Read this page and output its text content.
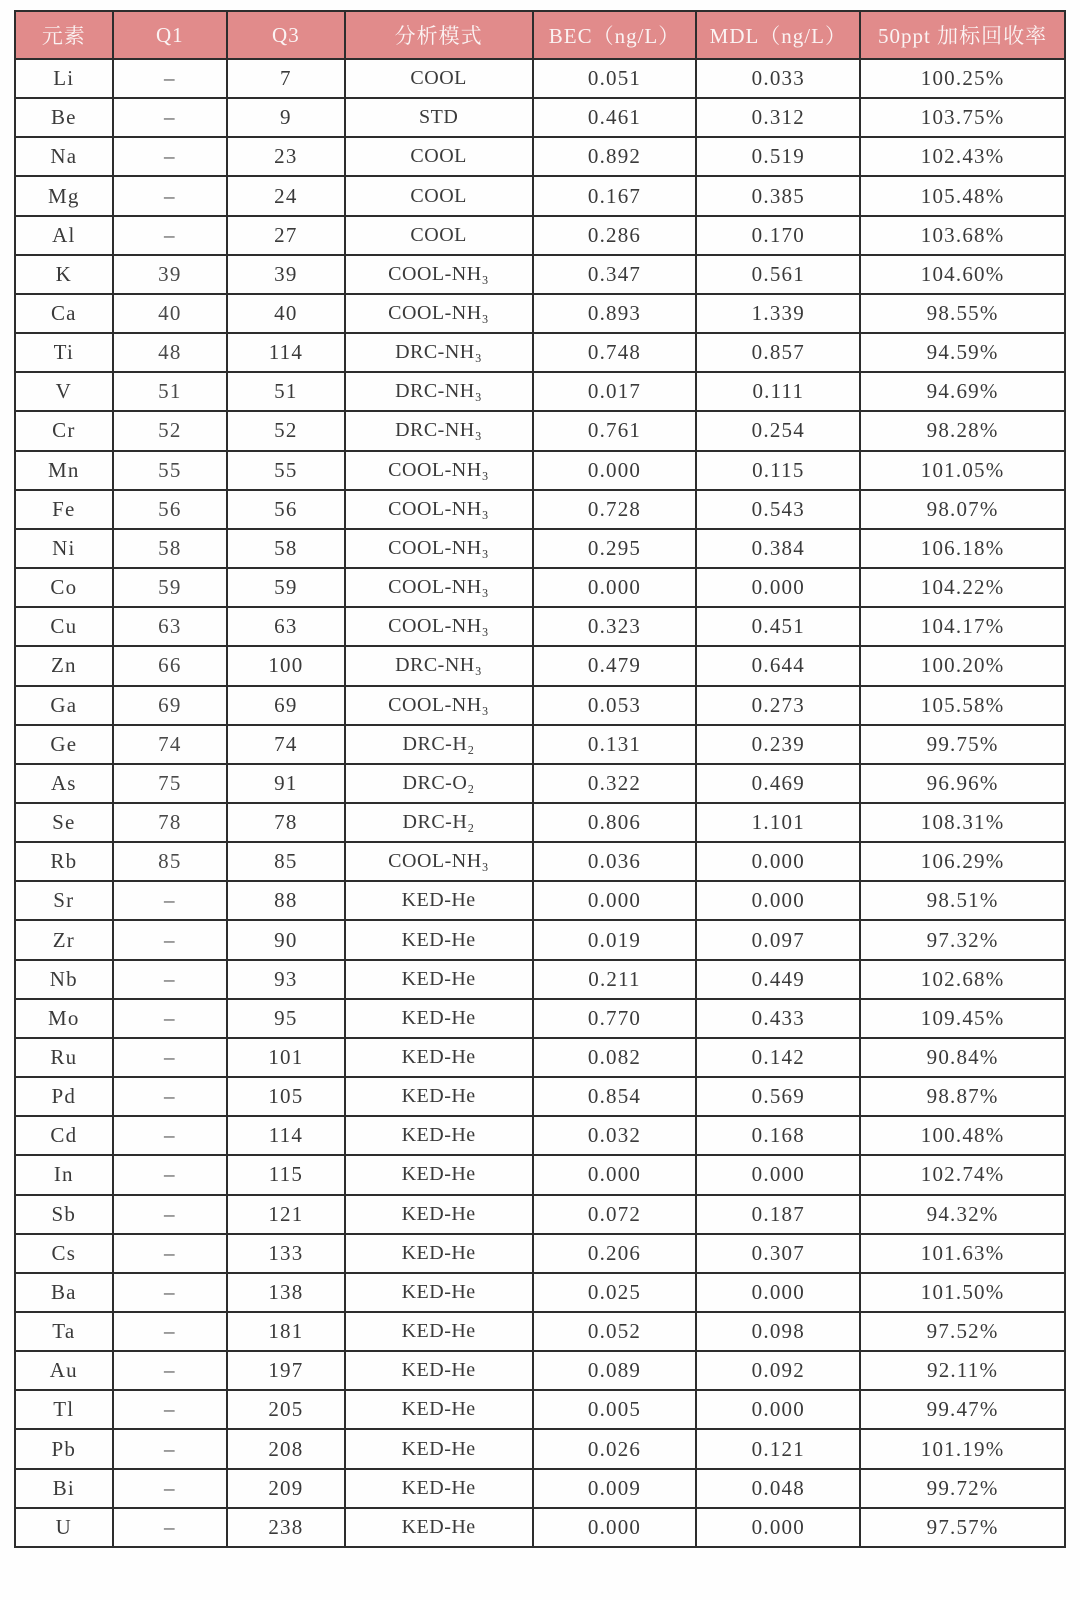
元素	Q1	Q3	分析模式	BEC（ng/L）	MDL（ng/L）	50ppt 加标回收率
Li	–	7	COOL	0.051	0.033	100.25%
Be	–	9	STD	0.461	0.312	103.75%
Na	–	23	COOL	0.892	0.519	102.43%
Mg	–	24	COOL	0.167	0.385	105.48%
Al	–	27	COOL	0.286	0.170	103.68%
K	39	39	COOL-NH₃	0.347	0.561	104.60%
Ca	40	40	COOL-NH₃	0.893	1.339	98.55%
Ti	48	114	DRC-NH₃	0.748	0.857	94.59%
V	51	51	DRC-NH₃	0.017	0.111	94.69%
Cr	52	52	DRC-NH₃	0.761	0.254	98.28%
Mn	55	55	COOL-NH₃	0.000	0.115	101.05%
Fe	56	56	COOL-NH₃	0.728	0.543	98.07%
Ni	58	58	COOL-NH₃	0.295	0.384	106.18%
Co	59	59	COOL-NH₃	0.000	0.000	104.22%
Cu	63	63	COOL-NH₃	0.323	0.451	104.17%
Zn	66	100	DRC-NH₃	0.479	0.644	100.20%
Ga	69	69	COOL-NH₃	0.053	0.273	105.58%
Ge	74	74	DRC-H₂	0.131	0.239	99.75%
As	75	91	DRC-O₂	0.322	0.469	96.96%
Se	78	78	DRC-H₂	0.806	1.101	108.31%
Rb	85	85	COOL-NH₃	0.036	0.000	106.29%
Sr	–	88	KED-He	0.000	0.000	98.51%
Zr	–	90	KED-He	0.019	0.097	97.32%
Nb	–	93	KED-He	0.211	0.449	102.68%
Mo	–	95	KED-He	0.770	0.433	109.45%
Ru	–	101	KED-He	0.082	0.142	90.84%
Pd	–	105	KED-He	0.854	0.569	98.87%
Cd	–	114	KED-He	0.032	0.168	100.48%
In	–	115	KED-He	0.000	0.000	102.74%
Sb	–	121	KED-He	0.072	0.187	94.32%
Cs	–	133	KED-He	0.206	0.307	101.63%
Ba	–	138	KED-He	0.025	0.000	101.50%
Ta	–	181	KED-He	0.052	0.098	97.52%
Au	–	197	KED-He	0.089	0.092	92.11%
Tl	–	205	KED-He	0.005	0.000	99.47%
Pb	–	208	KED-He	0.026	0.121	101.19%
Bi	–	209	KED-He	0.009	0.048	99.72%
U	–	238	KED-He	0.000	0.000	97.57%
